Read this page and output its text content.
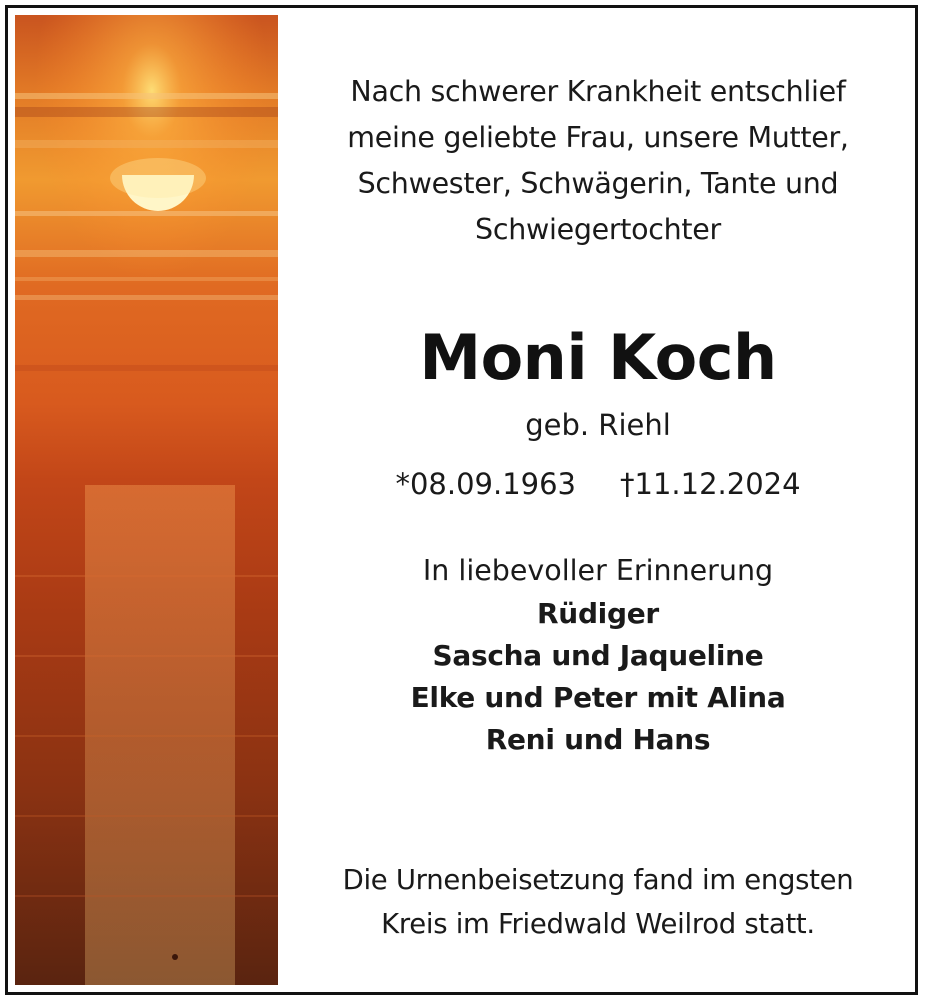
Nach schwerer Krankheit entschlief
meine geliebte Frau, unsere Mutter,
Schwester, Schwägerin, Tante und
Schwiegertochter
Moni Koch
geb. Riehl
*08.09.1963 †11.12.2024
In liebevoller Erinnerung
Rüdiger
Sascha und Jaqueline
Elke und Peter mit Alina
Reni und Hans
Die Urnenbeisetzung fand im engsten
Kreis im Friedwald Weilrod statt.
